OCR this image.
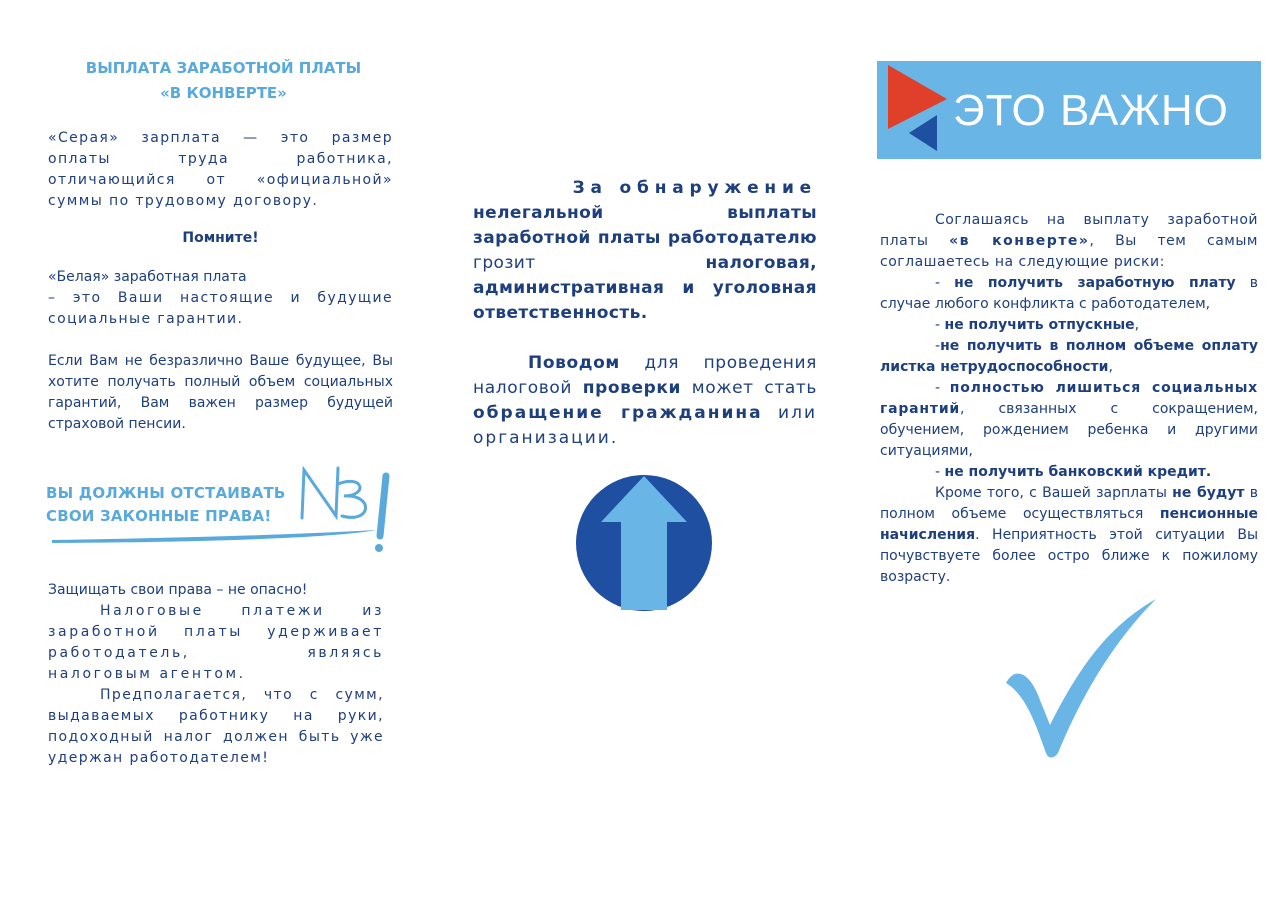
ВЫПЛАТА ЗАРАБОТНОЙ ПЛАТЫ

«В КОНВЕРТЕ»

«Серая» зарплата — это размер оплаты труда работника, отличающийся от «официальной» суммы по трудовому договору.

Помните!

«Белая» заработная плата

– это Ваши настоящие и будущие социальные гарантии.

Если Вам не безразлично Ваше будущее, Вы хотите получать полный объем социальных гарантий, Вам важен размер будущей страховой пенсии.

ВЫ ДОЛЖНЫ ОТСТАИВАТЬ
СВОИ ЗАКОННЫЕ ПРАВА!

Защищать свои права – не опасно!

Налоговые платежи из заработной платы удерживает работодатель,	являясь налоговым агентом.

Предполагается, что с сумм, выдаваемых работнику на руки, подоходный налог должен быть уже удержан работодателем!

За обнаружение

нелегальной выплаты заработной платы работодателю грозит	налоговая, административная и уголовная ответственность.

Поводом для проведения налоговой проверки может стать обращение гражданина или организации.

ЭТО ВАЖНО

Соглашаясь на выплату заработной платы «в конверте», Вы тем самым соглашаетесь на следующие риски:

- не получить заработную плату в случае любого конфликта с работодателем,

- не получить отпускные,

-не получить в полном объеме оплату листка нетрудоспособности,

- полностью лишиться социальных гарантий, связанных с сокращением, обучением, рождением ребенка и другими ситуациями,

- не получить банковский кредит.

Кроме того, с Вашей зарплаты не будут в полном объеме осуществляться пенсионные начисления. Неприятность этой ситуации Вы почувствуете более остро ближе к пожилому возрасту.
